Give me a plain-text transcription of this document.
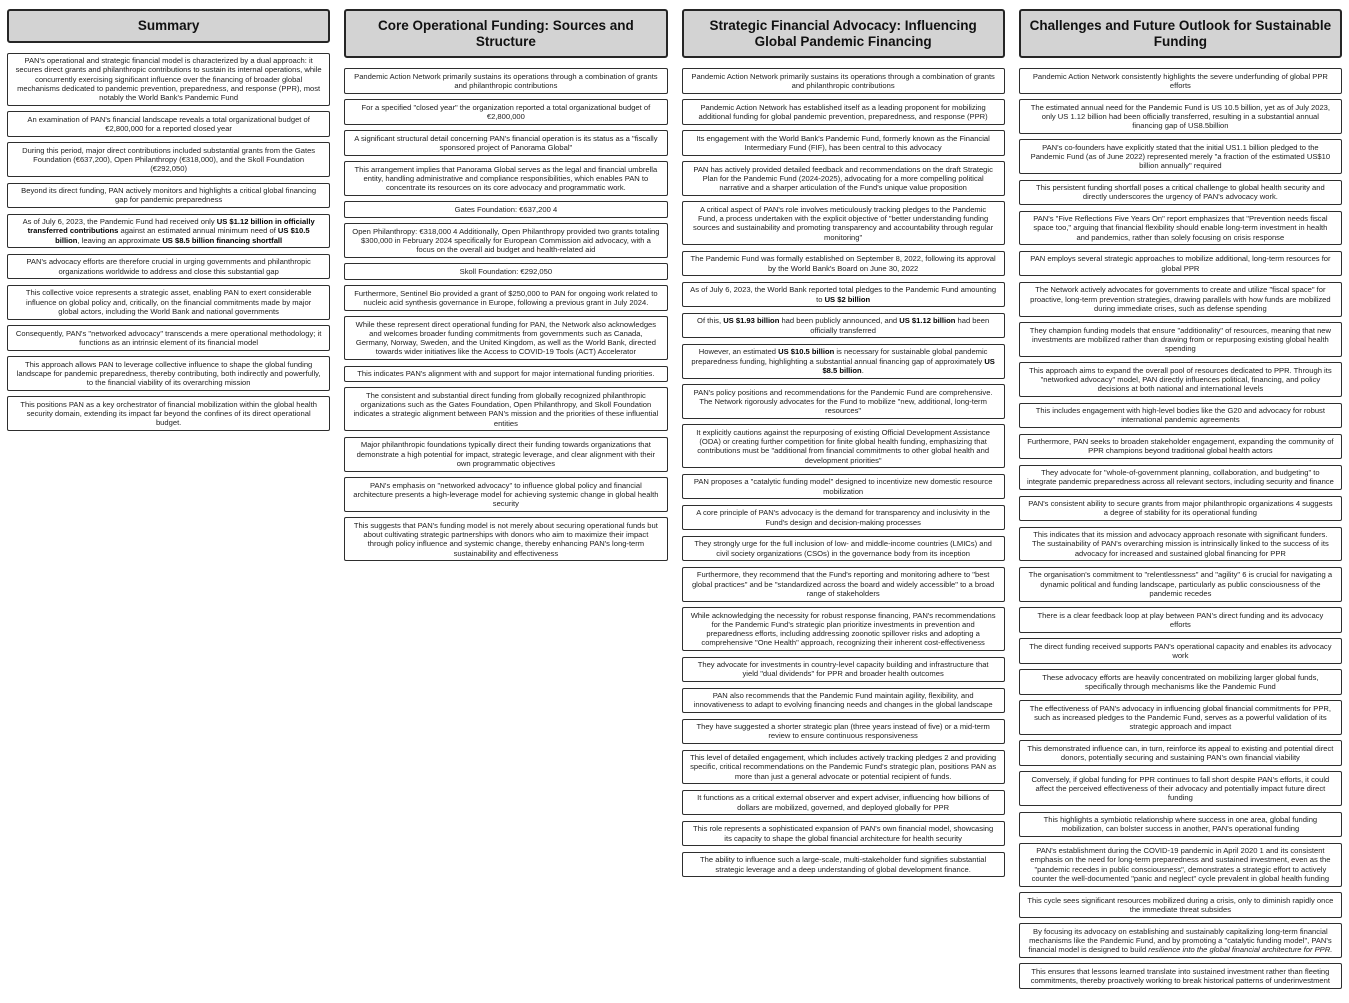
Summary
PAN's operational and strategic financial model is characterized by a dual approach: it secures direct grants and philanthropic contributions to sustain its internal operations, while concurrently exercising significant influence over the financing of broader global mechanisms dedicated to pandemic prevention, preparedness, and response (PPR), most notably the World Bank's Pandemic Fund
An examination of PAN's financial landscape reveals a total organizational budget of €2,800,000 for a reported closed year
During this period, major direct contributions included substantial grants from the Gates Foundation (€637,200), Open Philanthropy (€318,000), and the Skoll Foundation (€292,050)
Beyond its direct funding, PAN actively monitors and highlights a critical global financing gap for pandemic preparedness
As of July 6, 2023, the Pandemic Fund had received only US $1.12 billion in officially transferred contributions against an estimated annual minimum need of US $10.5 billion, leaving an approximate US $8.5 billion financing shortfall
PAN's advocacy efforts are therefore crucial in urging governments and philanthropic organizations worldwide to address and close this substantial gap
This collective voice represents a strategic asset, enabling PAN to exert considerable influence on global policy and, critically, on the financial commitments made by major global actors, including the World Bank and national governments
Consequently, PAN's "networked advocacy" transcends a mere operational methodology; it functions as an intrinsic element of its financial model
This approach allows PAN to leverage collective influence to shape the global funding landscape for pandemic preparedness, thereby contributing, both indirectly and powerfully, to the financial viability of its overarching mission
This positions PAN as a key orchestrator of financial mobilization within the global health security domain, extending its impact far beyond the confines of its direct operational budget.
Core Operational Funding: Sources and Structure
Pandemic Action Network primarily sustains its operations through a combination of grants and philanthropic contributions
For a specified "closed year" the organization reported a total organizational budget of €2,800,000
A significant structural detail concerning PAN's financial operation is its status as a "fiscally sponsored project of Panorama Global"
This arrangement implies that Panorama Global serves as the legal and financial umbrella entity, handling administrative and compliance responsibilities, which enables PAN to concentrate its resources on its core advocacy and programmatic work.
Gates Foundation: €637,200 4
Open Philanthropy: €318,000 4 Additionally, Open Philanthropy provided two grants totaling $300,000 in February 2024 specifically for European Commission aid advocacy, with a focus on the overall aid budget and health-related aid
Skoll Foundation: €292,050
Furthermore, Sentinel Bio provided a grant of $250,000 to PAN for ongoing work related to nucleic acid synthesis governance in Europe, following a previous grant in July 2024.
While these represent direct operational funding for PAN, the Network also acknowledges and welcomes broader funding commitments from governments such as Canada, Germany, Norway, Sweden, and the United Kingdom, as well as the World Bank, directed towards wider initiatives like the Access to COVID-19 Tools (ACT) Accelerator
This indicates PAN's alignment with and support for major international funding priorities.
The consistent and substantial direct funding from globally recognized philanthropic organizations such as the Gates Foundation, Open Philanthropy, and Skoll Foundation indicates a strategic alignment between PAN's mission and the priorities of these influential entities
Major philanthropic foundations typically direct their funding towards organizations that demonstrate a high potential for impact, strategic leverage, and clear alignment with their own programmatic objectives
PAN's emphasis on "networked advocacy" to influence global policy and financial architecture presents a high-leverage model for achieving systemic change in global health security
This suggests that PAN's funding model is not merely about securing operational funds but about cultivating strategic partnerships with donors who aim to maximize their impact through policy influence and systemic change, thereby enhancing PAN's long-term sustainability and effectiveness
Strategic Financial Advocacy: Influencing Global Pandemic Financing
Pandemic Action Network primarily sustains its operations through a combination of grants and philanthropic contributions
Pandemic Action Network has established itself as a leading proponent for mobilizing additional funding for global pandemic prevention, preparedness, and response (PPR)
Its engagement with the World Bank's Pandemic Fund, formerly known as the Financial Intermediary Fund (FIF), has been central to this advocacy
PAN has actively provided detailed feedback and recommendations on the draft Strategic Plan for the Pandemic Fund (2024-2025), advocating for a more compelling political narrative and a sharper articulation of the Fund's unique value proposition
A critical aspect of PAN's role involves meticulously tracking pledges to the Pandemic Fund, a process undertaken with the explicit objective of "better understanding funding sources and sustainability and promoting transparency and accountability through regular monitoring"
The Pandemic Fund was formally established on September 8, 2022, following its approval by the World Bank's Board on June 30, 2022
As of July 6, 2023, the World Bank reported total pledges to the Pandemic Fund amounting to US $2 billion
Of this, US $1.93 billion had been publicly announced, and US $1.12 billion had been officially transferred
However, an estimated US $10.5 billion is necessary for sustainable global pandemic preparedness funding, highlighting a substantial annual financing gap of approximately US $8.5 billion.
PAN's policy positions and recommendations for the Pandemic Fund are comprehensive. The Network rigorously advocates for the Fund to mobilize "new, additional, long-term resources"
It explicitly cautions against the repurposing of existing Official Development Assistance (ODA) or creating further competition for finite global health funding, emphasizing that contributions must be "additional from financial commitments to other global health and development priorities"
PAN proposes a "catalytic funding model" designed to incentivize new domestic resource mobilization
A core principle of PAN's advocacy is the demand for transparency and inclusivity in the Fund's design and decision-making processes
They strongly urge for the full inclusion of low- and middle-income countries (LMICs) and civil society organizations (CSOs) in the governance body from its inception
Furthermore, they recommend that the Fund's reporting and monitoring adhere to "best global practices" and be "standardized across the board and widely accessible" to a broad range of stakeholders
While acknowledging the necessity for robust response financing, PAN's recommendations for the Pandemic Fund's strategic plan prioritize investments in prevention and preparedness efforts, including addressing zoonotic spillover risks and adopting a comprehensive "One Health" approach, recognizing their inherent cost-effectiveness
They advocate for investments in country-level capacity building and infrastructure that yield "dual dividends" for PPR and broader health outcomes
PAN also recommends that the Pandemic Fund maintain agility, flexibility, and innovativeness to adapt to evolving financing needs and changes in the global landscape
They have suggested a shorter strategic plan (three years instead of five) or a mid-term review to ensure continuous responsiveness
This level of detailed engagement, which includes actively tracking pledges 2 and providing specific, critical recommendations on the Pandemic Fund's strategic plan, positions PAN as more than just a general advocate or potential recipient of funds.
It functions as a critical external observer and expert adviser, influencing how billions of dollars are mobilized, governed, and deployed globally for PPR
This role represents a sophisticated expansion of PAN's own financial model, showcasing its capacity to shape the global financial architecture for health security
The ability to influence such a large-scale, multi-stakeholder fund signifies substantial strategic leverage and a deep understanding of global development finance.
Challenges and Future Outlook for Sustainable Funding
Pandemic Action Network consistently highlights the severe underfunding of global PPR efforts
The estimated annual need for the Pandemic Fund is US 10.5 billion, yet as of July 2023, only US 1.12 billion had been officially transferred, resulting in a substantial annual financing gap of US8.5billion
PAN's co-founders have explicitly stated that the initial US1.1 billion pledged to the Pandemic Fund (as of June 2022) represented merely "a fraction of the estimated US$10 billion annually" required
This persistent funding shortfall poses a critical challenge to global health security and directly underscores the urgency of PAN's advocacy work.
PAN's "Five Reflections Five Years On" report emphasizes that "Prevention needs fiscal space too," arguing that financial flexibility should enable long-term investment in health and pandemics, rather than solely focusing on crisis response
PAN employs several strategic approaches to mobilize additional, long-term resources for global PPR
The Network actively advocates for governments to create and utilize "fiscal space" for proactive, long-term prevention strategies, drawing parallels with how funds are mobilized during immediate crises, such as defense spending
They champion funding models that ensure "additionality" of resources, meaning that new investments are mobilized rather than drawing from or repurposing existing global health spending
This approach aims to expand the overall pool of resources dedicated to PPR. Through its "networked advocacy" model, PAN directly influences political, financing, and policy decisions at both national and international levels
This includes engagement with high-level bodies like the G20 and advocacy for robust international pandemic agreements
Furthermore, PAN seeks to broaden stakeholder engagement, expanding the community of PPR champions beyond traditional global health actors
They advocate for "whole-of-government planning, collaboration, and budgeting" to integrate pandemic preparedness across all relevant sectors, including security and finance
PAN's consistent ability to secure grants from major philanthropic organizations 4 suggests a degree of stability for its operational funding
This indicates that its mission and advocacy approach resonate with significant funders. The sustainability of PAN's overarching mission is intrinsically linked to the success of its advocacy for increased and sustained global financing for PPR
The organisation's commitment to "relentlessness" and "agility" 6 is crucial for navigating a dynamic political and funding landscape, particularly as public consciousness of the pandemic recedes
There is a clear feedback loop at play between PAN's direct funding and its advocacy efforts
The direct funding received supports PAN's operational capacity and enables its advocacy work
These advocacy efforts are heavily concentrated on mobilizing larger global funds, specifically through mechanisms like the Pandemic Fund
The effectiveness of PAN's advocacy in influencing global financial commitments for PPR, such as increased pledges to the Pandemic Fund, serves as a powerful validation of its strategic approach and impact
This demonstrated influence can, in turn, reinforce its appeal to existing and potential direct donors, potentially securing and sustaining PAN's own financial viability
Conversely, if global funding for PPR continues to fall short despite PAN's efforts, it could affect the perceived effectiveness of their advocacy and potentially impact future direct funding
This highlights a symbiotic relationship where success in one area, global funding mobilization, can bolster success in another, PAN's operational funding
PAN's establishment during the COVID-19 pandemic in April 2020 1 and its consistent emphasis on the need for long-term preparedness and sustained investment, even as the "pandemic recedes in public consciousness", demonstrates a strategic effort to actively counter the well-documented "panic and neglect" cycle prevalent in global health funding
This cycle sees significant resources mobilized during a crisis, only to diminish rapidly once the immediate threat subsides
By focusing its advocacy on establishing and sustainably capitalizing long-term financial mechanisms like the Pandemic Fund, and by promoting a "catalytic funding model", PAN's financial model is designed to build resilience into the global financial architecture for PPR.
This ensures that lessons learned translate into sustained investment rather than fleeting commitments, thereby proactively working to break historical patterns of underinvestment
